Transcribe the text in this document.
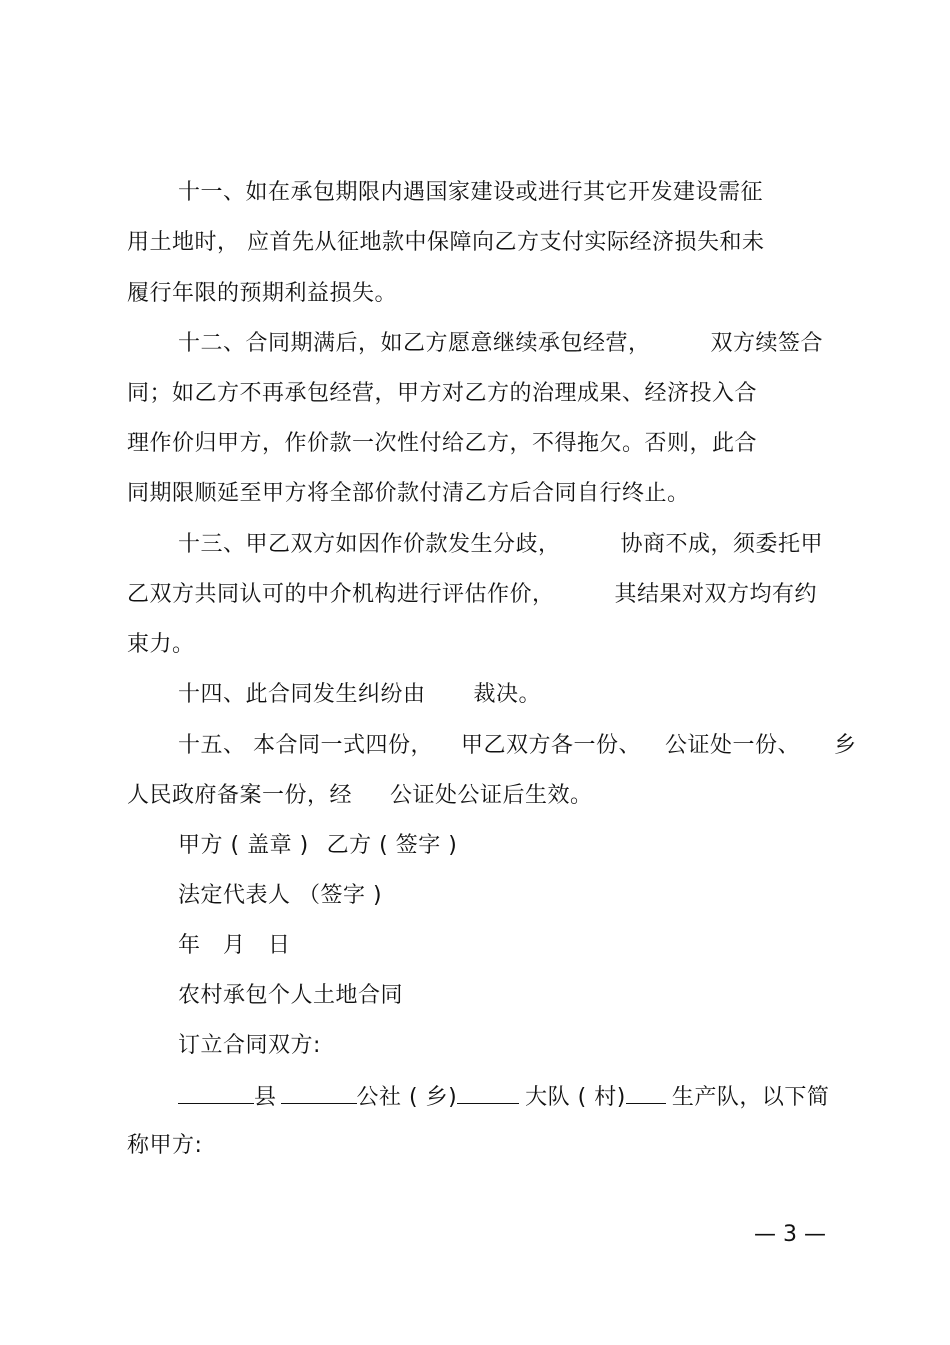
十一、如在承包期限内遇国家建设或进行其它开发建设需征
用土地时， 应首先从征地款中保障向乙方支付实际经济损失和未
履行年限的预期利益损失。
十二、合同期满后，如乙方愿意继续承包经营，	双方续签合
同；如乙方不再承包经营，甲方对乙方的治理成果、经济投入合
理作价归甲方，作价款一次性付给乙方，不得拖欠。否则，此合
同期限顺延至甲方将全部价款付清乙方后合同自行终止。
十三、甲乙双方如因作价款发生分歧，	协商不成，须委托甲
乙双方共同认可的中介机构进行评估作价，	其结果对双方均有约
束力。
十四、此合同发生纠纷由 裁决。
十五、 本合同一式四份， 甲乙双方各一份、 公证处一份、 乡
人民政府备案一份，经 公证处公证后生效。
甲方 ( 盖章 ) 乙方 ( 签字 )
法定代表人 （签字 )
年   月   日
农村承包个人土地合同
订立合同双方:
县	公社 ( 乡)	大队 ( 村) 生产队，以下简
称甲方:
— 3 —
